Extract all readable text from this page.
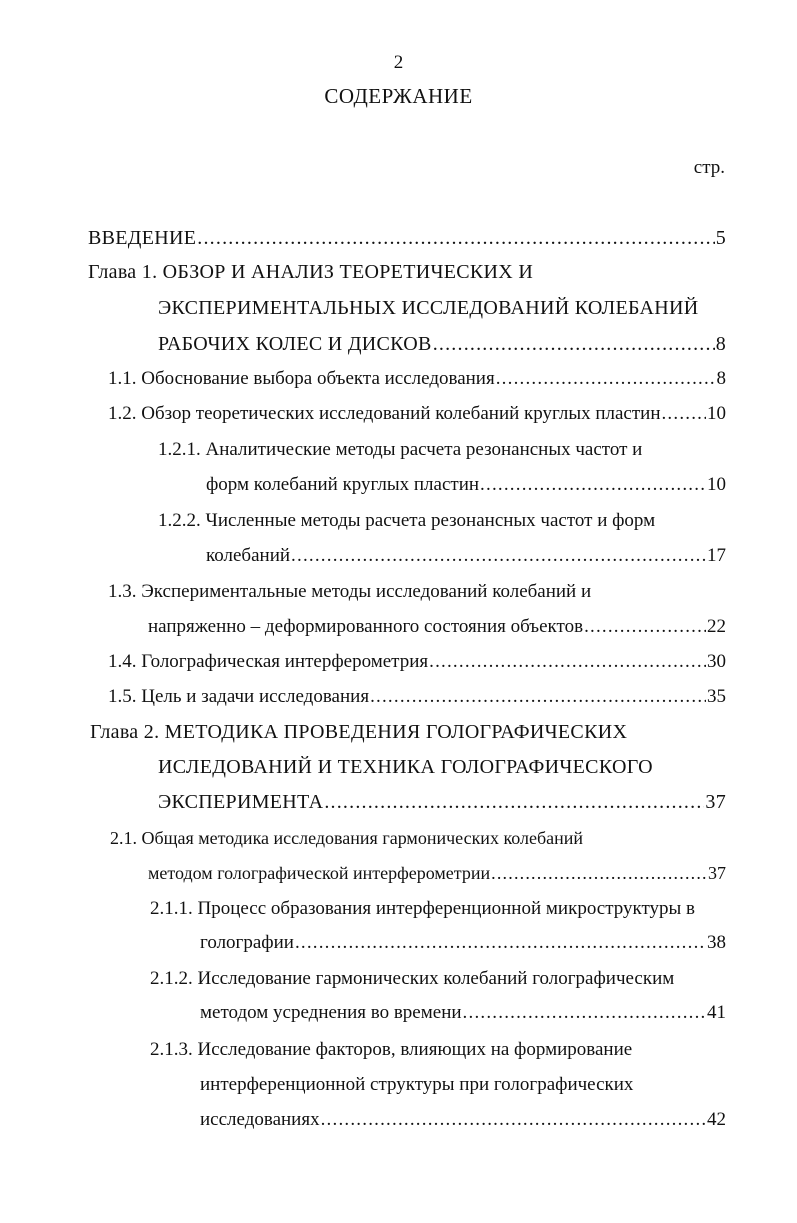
2
СОДЕРЖАНИЕ
стр.
ВВЕДЕНИЕ .....	5
Глава 1. ОБЗОР И АНАЛИЗ ТЕОРЕТИЧЕСКИХ И
ЭКСПЕРИМЕНТАЛЬНЫХ ИССЛЕДОВАНИЙ КОЛЕБАНИЙ
РАБОЧИХ КОЛЕС И ДИСКОВ .....	8
1.1. Обоснование выбора объекта исследования .....	8
1.2. Обзор теоретических исследований колебаний круглых пластин ..... 10
1.2.1. Аналитические методы расчета резонансных частот и
форм колебаний круглых пластин .....	10
1.2.2. Численные методы расчета резонансных частот и форм
колебаний .....	17
1.3. Экспериментальные методы исследований колебаний и
напряженно – деформированного состояния объектов .....	22
1.4. Голографическая интерферометрия .....	30
1.5. Цель и задачи исследования .....	35
Глава 2. МЕТОДИКА ПРОВЕДЕНИЯ ГОЛОГРАФИЧЕСКИХ
ИСЛЕДОВАНИЙ И ТЕХНИКА ГОЛОГРАФИЧЕСКОГО
ЭКСПЕРИМЕНТА .....	37
2.1. Общая методика исследования гармонических колебаний
методом голографической интерферометрии .....	37
2.1.1. Процесс образования интерференционной микроструктуры в
голографии .....	38
2.1.2. Исследование гармонических колебаний голографическим
методом усреднения во времени .....	41
2.1.3. Исследование факторов, влияющих на формирование
интерференционной структуры при голографических
исследованиях .....	42
